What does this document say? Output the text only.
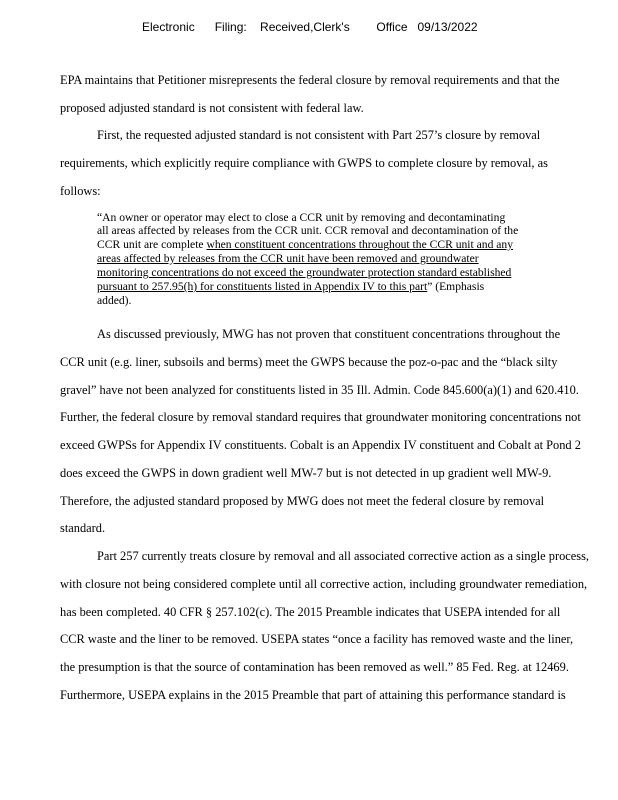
Electronic      Filing:    Received,Clerk's        Office   09/13/2022
EPA maintains that Petitioner misrepresents the federal closure by removal requirements and that the
proposed adjusted standard is not consistent with federal law.
First, the requested adjusted standard is not consistent with Part 257’s closure by removal
requirements, which explicitly require compliance with GWPS to complete closure by removal, as
follows:
“An owner or operator may elect to close a CCR unit by removing and decontaminating
all areas affected by releases from the CCR unit. CCR removal and decontamination of the
CCR unit are complete when constituent concentrations throughout the CCR unit and any
areas affected by releases from the CCR unit have been removed and groundwater
monitoring concentrations do not exceed the groundwater protection standard established
pursuant to 257.95(h) for constituents listed in Appendix IV to this part” (Emphasis
added).
As discussed previously, MWG has not proven that constituent concentrations throughout the
CCR unit (e.g. liner, subsoils and berms) meet the GWPS because the poz-o-pac and the “black silty
gravel” have not been analyzed for constituents listed in 35 Ill. Admin. Code 845.600(a)(1) and 620.410.
Further, the federal closure by removal standard requires that groundwater monitoring concentrations not
exceed GWPSs for Appendix IV constituents. Cobalt is an Appendix IV constituent and Cobalt at Pond 2
does exceed the GWPS in down gradient well MW-7 but is not detected in up gradient well MW-9.
Therefore, the adjusted standard proposed by MWG does not meet the federal closure by removal
standard.
Part 257 currently treats closure by removal and all associated corrective action as a single process,
with closure not being considered complete until all corrective action, including groundwater remediation,
has been completed. 40 CFR § 257.102(c). The 2015 Preamble indicates that USEPA intended for all
CCR waste and the liner to be removed. USEPA states “once a facility has removed waste and the liner,
the presumption is that the source of contamination has been removed as well.” 85 Fed. Reg. at 12469.
Furthermore, USEPA explains in the 2015 Preamble that part of attaining this performance standard is
